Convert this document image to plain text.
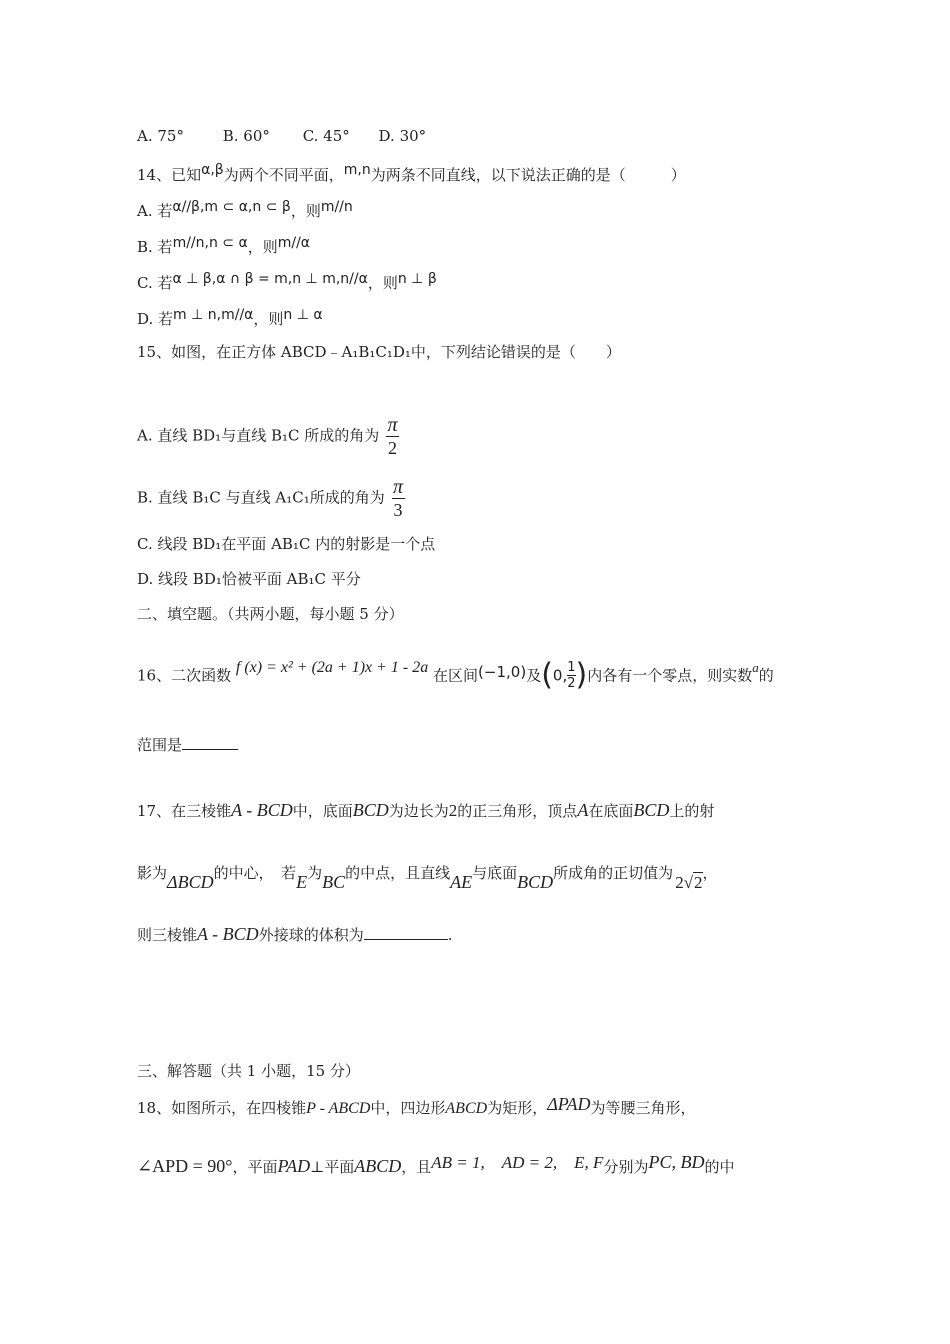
A. 75°	B. 60° C. 45° D. 30°
14、已知α,β为两个不同平面，m,n为两条不同直线，以下说法正确的是（　　　）
A. 若α//β,m ⊂ α,n ⊂ β，则m//n
B. 若m//n,n ⊂ α，则m//α
C. 若α ⊥ β,α ∩ β = m,n ⊥ m,n//α，则n ⊥ β
D. 若m ⊥ n,m//α，则n ⊥ α
15、如图，在正方体 ABCD﹣A₁B₁C₁D₁中，下列结论错误的是（　　）
A. 直线 BD₁与直线 B₁C 所成的角为 $\frac{\pi}{2}$
B. 直线 B₁C 与直线 A₁C₁所成的角为 $\frac{\pi}{3}$
C. 线段 BD₁在平面 AB₁C 内的射影是一个点
D. 线段 BD₁恰被平面 AB₁C 平分
二、填空题。（共两小题，每小题 5 分）
16、二次函数 f (x) = x² + (2a + 1)x + 1 - 2a 在区间(−1,0)及(0, $\frac{1}{2}$ )内各有一个零点，则实数a的
范围是
17、在三棱锥A - BCD中，底面BCD为边长为2的正三角形，顶点A在底面BCD上的射
影为ΔBCD的中心，　若E为BC的中点，且直线AE与底面BCD所成角的正切值为 2√2，
则三棱锥A - BCD外接球的体积为	.
三、解答题（共 1 小题，15 分）
18、如图所示，在四棱锥P - ABCD中，四边形ABCD为矩形，ΔPAD为等腰三角形，
∠APD = 90°，平面PAD⊥平面ABCD，且AB = 1,　AD = 2,　E, F分别为PC, BD的中
